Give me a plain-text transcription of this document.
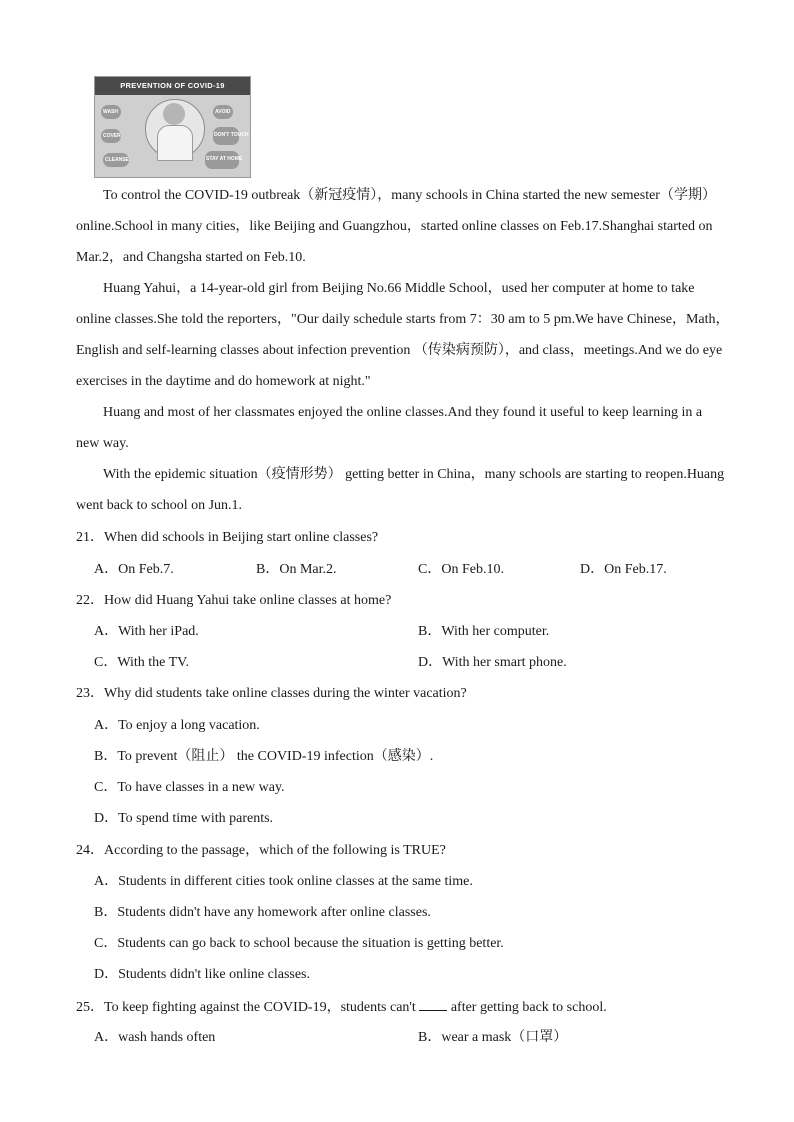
PREVENTION OF COVID-19
WASH
COVER
CLEANSE
AVOID
DON'T TOUCH
STAY AT HOME
To control the COVID-19 outbreak（新冠疫情），many schools in China started the new semester（学期）
online.School in many cities，like Beijing and Guangzhou，started online classes on Feb.17.Shanghai started on
Mar.2，and Changsha started on Feb.10.
Huang Yahui，a 14-year-old girl from Beijing No.66 Middle School，used her computer at home to take
online classes.She told the reporters，"Our daily schedule starts from 7：30 am to 5 pm.We have Chinese，Math，
English and self-learning classes about infection prevention （传染病预防），and class，meetings.And we do eye
exercises in the daytime and do homework at night."
Huang and most of her classmates enjoyed the online classes.And they found it useful to keep learning in a
new way.
With the epidemic situation（疫情形势） getting better in China，many schools are starting to reopen.Huang
went back to school on Jun.1.
21．When did schools in Beijing start online classes?
A．On Feb.7.	B．On Mar.2.	C．On Feb.10.	D．On Feb.17.
22．How did Huang Yahui take online classes at home?
A．With her iPad.	B．With her computer.
C．With the TV.	D．With her smart phone.
23．Why did students take online classes during the winter vacation?
A．To enjoy a long vacation.
B．To prevent（阻止） the COVID-19 infection（感染）.
C．To have classes in a new way.
D．To spend time with parents.
24．According to the passage，which of the following is TRUE?
A．Students in different cities took online classes at the same time.
B．Students didn't have any homework after online classes.
C．Students can go back to school because the situation is getting better.
D．Students didn't like online classes.
25．To keep fighting against the COVID-19，students can't	after getting back to school.
A．wash hands often	B．wear a mask（口罩）
